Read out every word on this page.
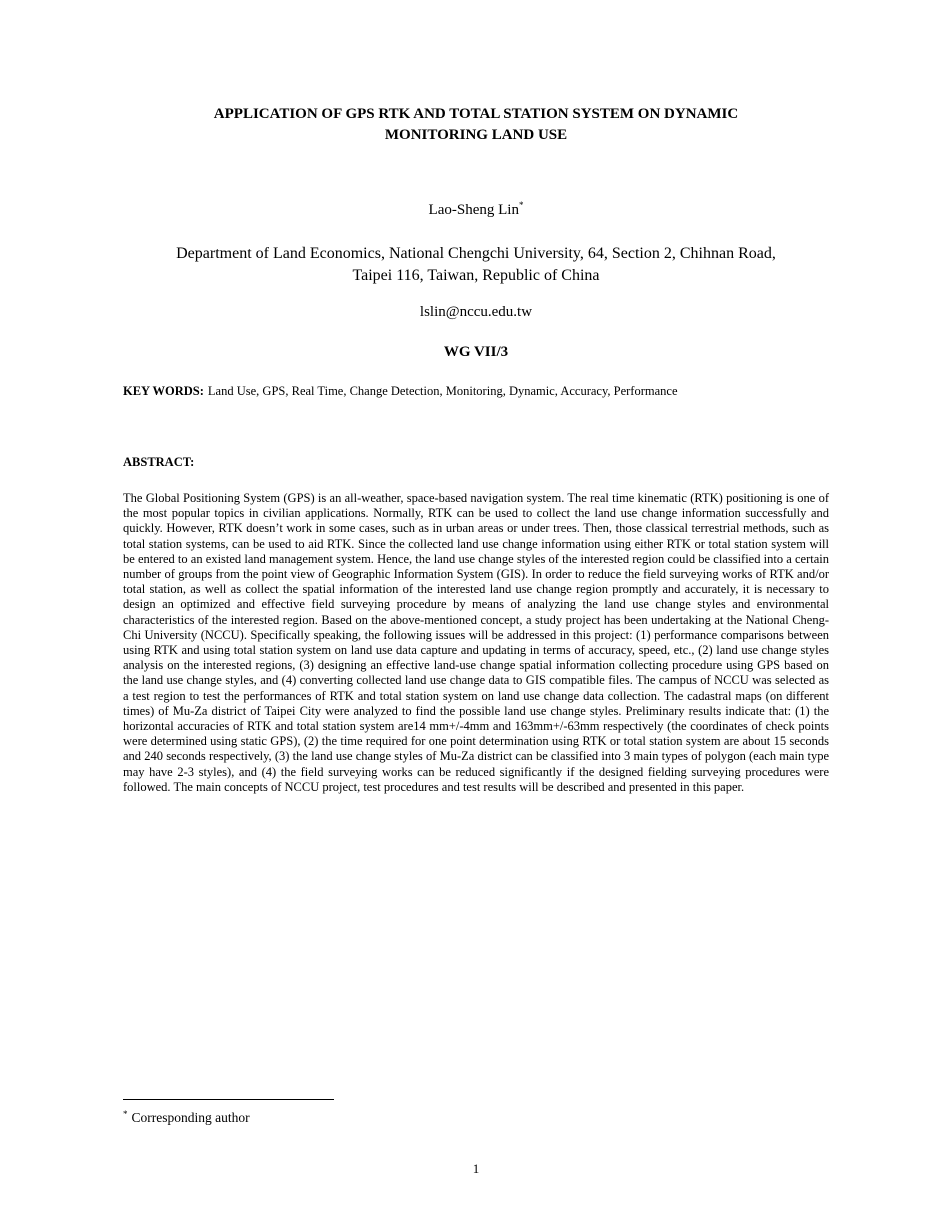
APPLICATION OF GPS RTK AND TOTAL STATION SYSTEM ON DYNAMIC
MONITORING LAND USE
Lao-Sheng Lin*
Department of Land Economics, National Chengchi University, 64, Section 2, Chihnan Road,
Taipei 116, Taiwan, Republic of China
lslin@nccu.edu.tw
WG VII/3
KEY WORDS: Land Use, GPS, Real Time, Change Detection, Monitoring, Dynamic, Accuracy, Performance
ABSTRACT:
The Global Positioning System (GPS) is an all-weather, space-based navigation system. The real time kinematic (RTK) positioning is one of the most popular topics in civilian applications. Normally, RTK can be used to collect the land use change information successfully and quickly. However, RTK doesn’t work in some cases, such as in urban areas or under trees. Then, those classical terrestrial methods, such as total station systems, can be used to aid RTK. Since the collected land use change information using either RTK or total station system will be entered to an existed land management system. Hence, the land use change styles of the interested region could be classified into a certain number of groups from the point view of Geographic Information System (GIS). In order to reduce the field surveying works of RTK and/or total station, as well as collect the spatial information of the interested land use change region promptly and accurately, it is necessary to design an optimized and effective field surveying procedure by means of analyzing the land use change styles and environmental characteristics of the interested region. Based on the above-mentioned concept, a study project has been undertaking at the National Cheng-Chi University (NCCU). Specifically speaking, the following issues will be addressed in this project: (1) performance comparisons between using RTK and using total station system on land use data capture and updating in terms of accuracy, speed, etc., (2) land use change styles analysis on the interested regions, (3) designing an effective land-use change spatial information collecting procedure using GPS based on the land use change styles, and (4) converting collected land use change data to GIS compatible files. The campus of NCCU was selected as a test region to test the performances of RTK and total station system on land use change data collection. The cadastral maps (on different times) of Mu-Za district of Taipei City were analyzed to find the possible land use change styles. Preliminary results indicate that: (1) the horizontal accuracies of RTK and total station system are14 mm+/-4mm and 163mm+/-63mm respectively (the coordinates of check points were determined using static GPS), (2) the time required for one point determination using RTK or total station system are about 15 seconds and 240 seconds respectively, (3) the land use change styles of Mu-Za district can be classified into 3 main types of polygon (each main type may have 2-3 styles), and (4) the field surveying works can be reduced significantly if the designed fielding surveying procedures were followed. The main concepts of NCCU project, test procedures and test results will be described and presented in this paper.
* Corresponding author
1
